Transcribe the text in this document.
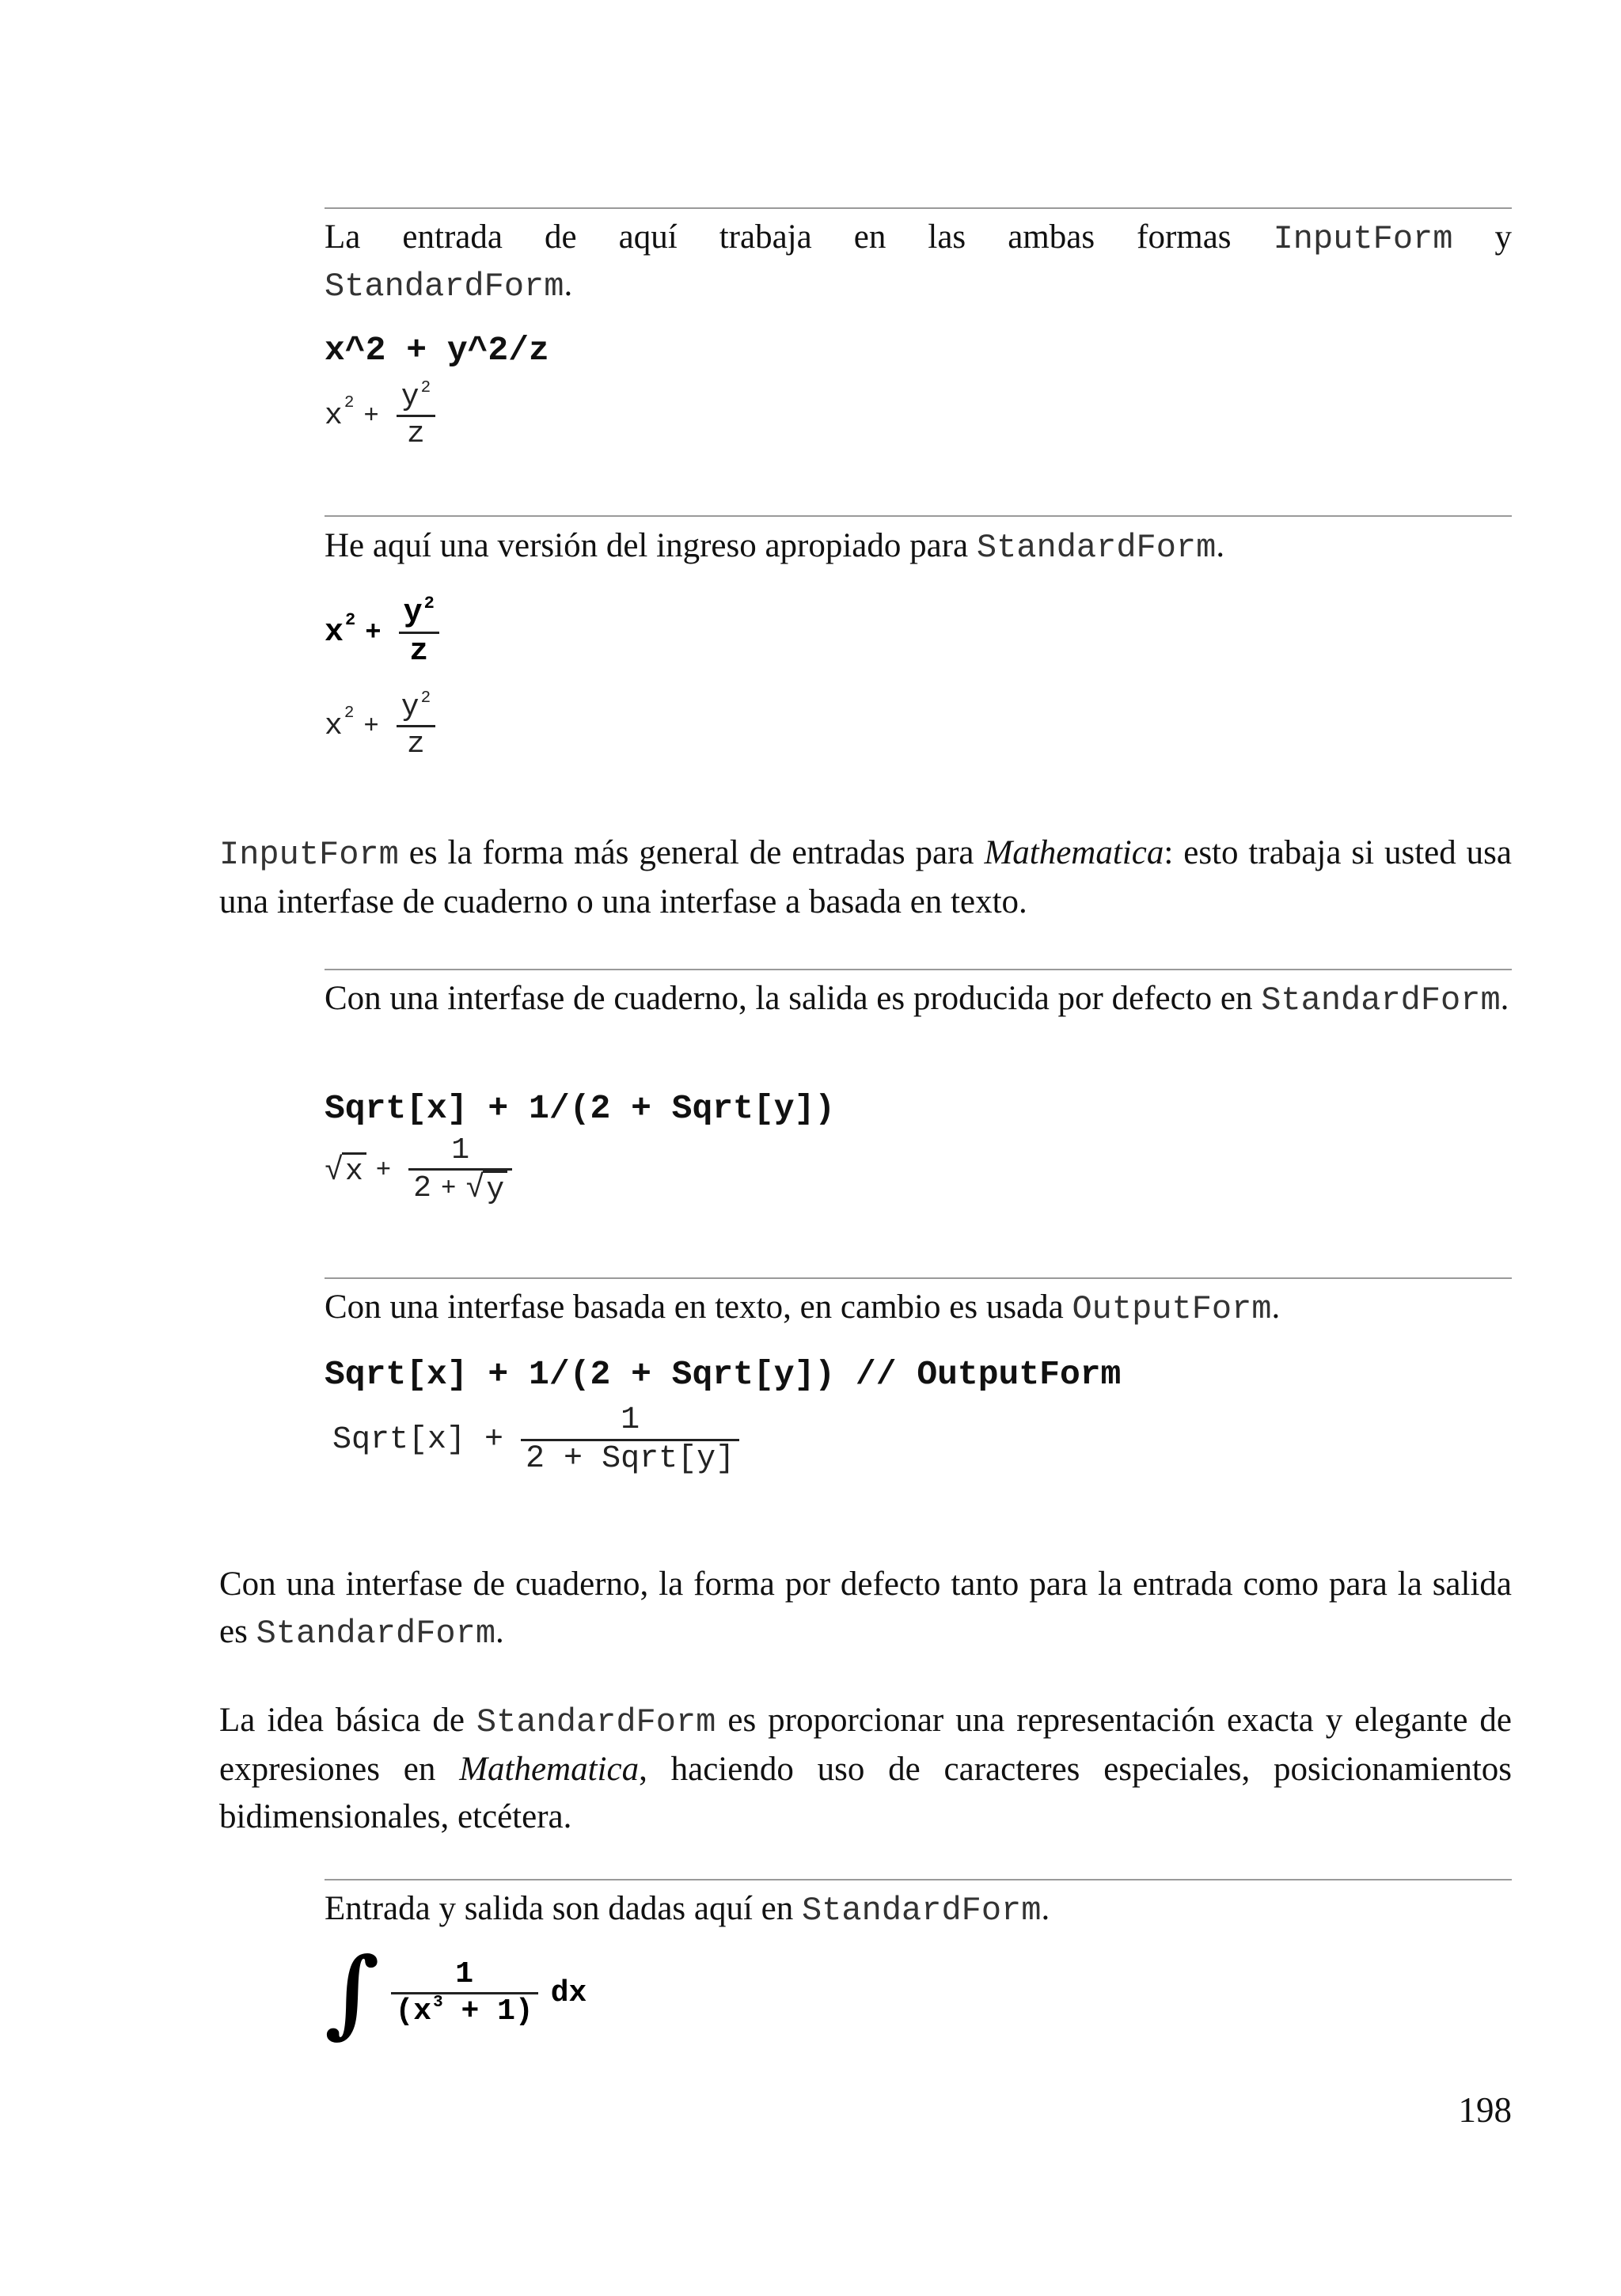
La entrada de aquí trabaja en las ambas formas InputForm y
StandardForm.
x^2 + y^2/z
x $2 + \frac{y^2}{z}$
He aquí una versión del ingreso apropiado para StandardForm.
x $2 + \frac{y^2}{z}$
x $2 + \frac{y^2}{z}$
InputForm es la forma más general de entradas para Mathematica: esto trabaja si usted usa una interfase de cuaderno o una interfase a basada en texto.
Con una interfase de cuaderno, la salida es producida por defecto en StandardForm.
Sqrt[x] + 1/(2 + Sqrt[y])
√ $x + \frac{1}{2 + √ y}$
Con una interfase basada en texto, en cambio es usada OutputForm.
Sqrt[x] + 1/(2 + Sqrt[y]) // OutputForm
Sqrt[x] + $\frac{1}{\text{2 + Sqrt[y]}}$
Con una interfase de cuaderno, la forma por defecto tanto para la entrada como para la salida es StandardForm.
La idea básica de StandardForm es proporcionar una representación exacta y elegante de expresiones en Mathematica, haciendo uso de caracteres especiales, posicionamientos bidimensionales, etcétera.
Entrada y salida son dadas aquí en StandardForm.
∫ $\frac{1}{(x^3 + 1)}$ dx
198
